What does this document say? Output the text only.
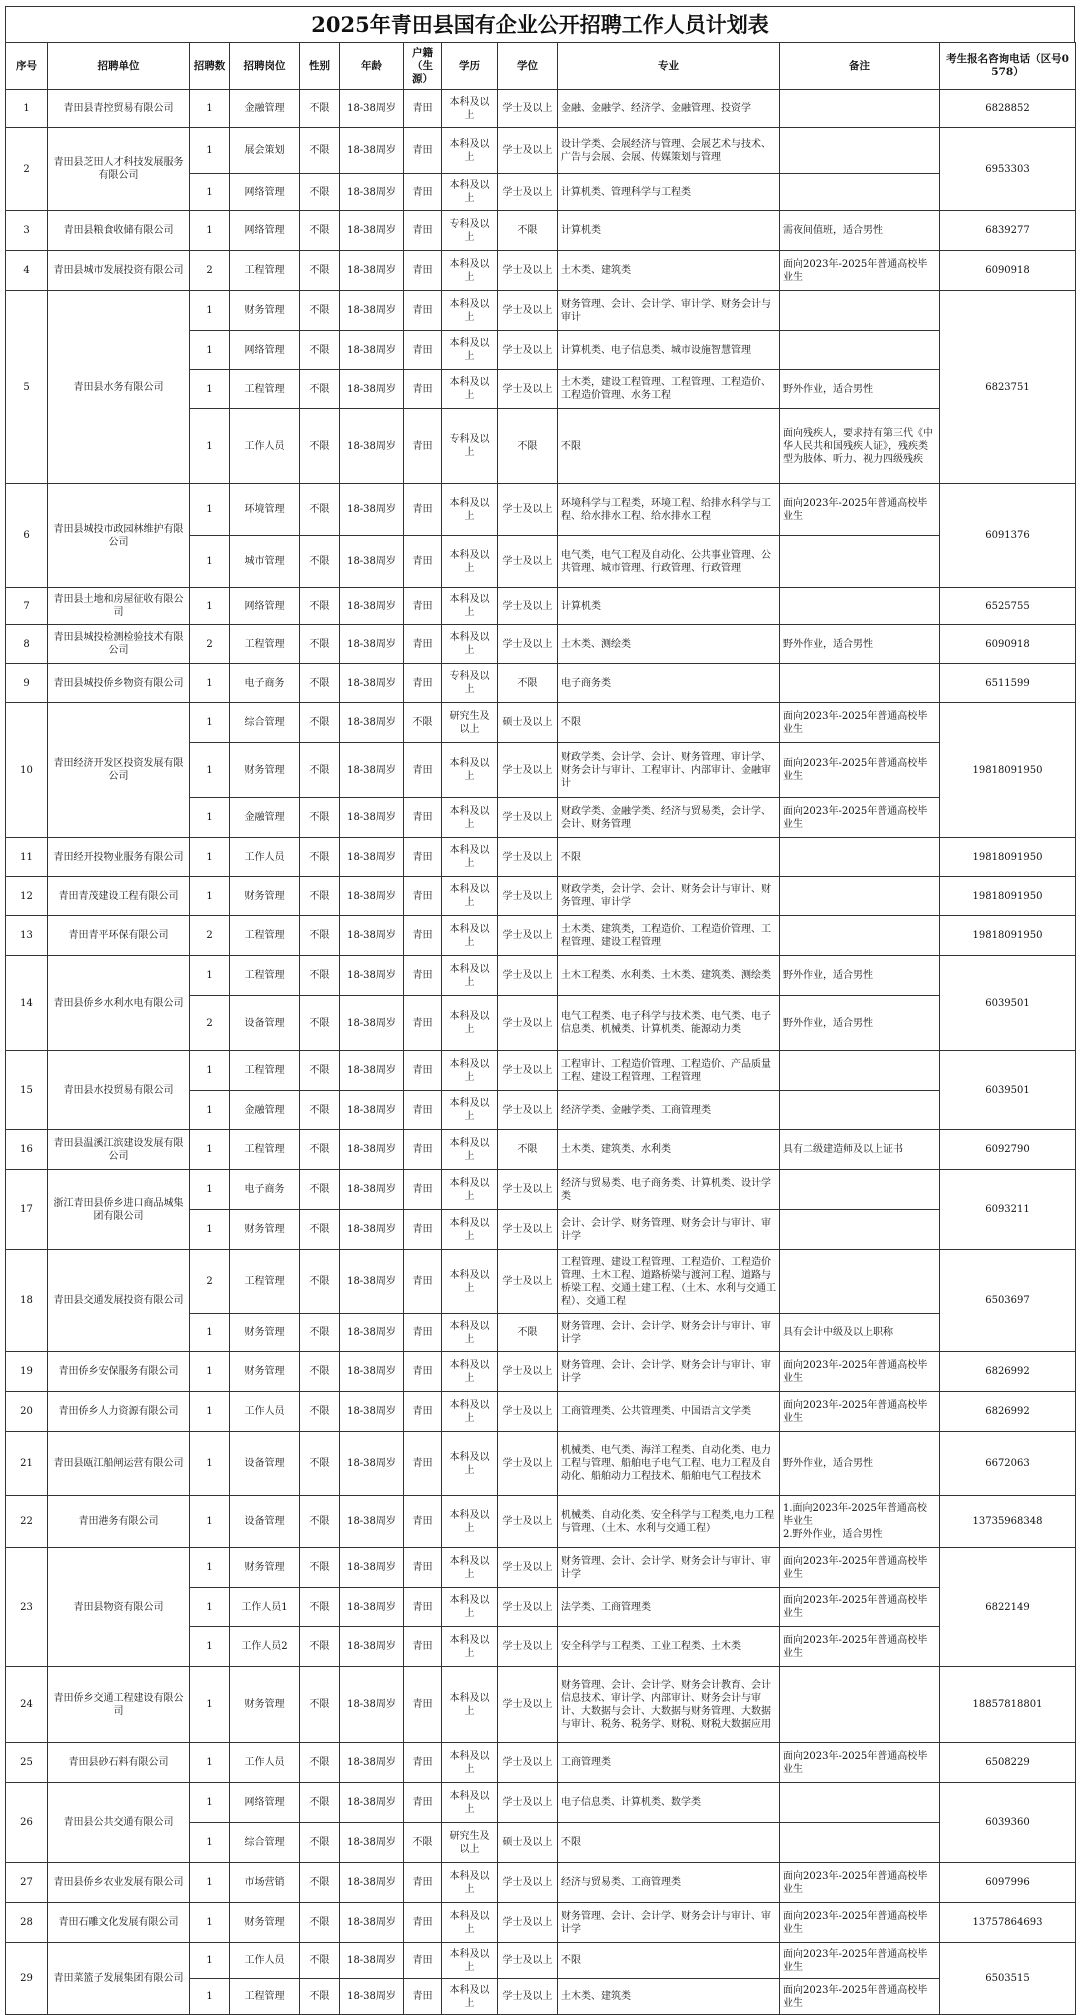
2025年青田县国有企业公开招聘工作人员计划表
序号	招聘单位	招聘数	招聘岗位	性别	年龄	户籍（生源）	学历	学位	专业	备注	考生报名咨询电话（区号0578）
1	青田县青控贸易有限公司	1	金融管理	不限	18-38周岁	青田	本科及以上	学士及以上	金融、金融学、经济学、金融管理、投资学		6828852
2	青田县芝田人才科技发展服务有限公司	1	展会策划	不限	18-38周岁	青田	本科及以上	学士及以上	设计学类、会展经济与管理、会展艺术与技术、广告与会展、会展、传媒策划与管理		6953303
		1	网络管理	不限	18-38周岁	青田	本科及以上	学士及以上	计算机类、管理科学与工程类		
3	青田县粮食收储有限公司	1	网络管理	不限	18-38周岁	青田	专科及以上	不限	计算机类	需夜间值班，适合男性	6839277
4	青田县城市发展投资有限公司	2	工程管理	不限	18-38周岁	青田	本科及以上	学士及以上	土木类、建筑类	面向2023年-2025年普通高校毕业生	6090918
5	青田县水务有限公司	1	财务管理	不限	18-38周岁	青田	本科及以上	学士及以上	财务管理、会计、会计学、审计学、财务会计与审计		6823751
		1	网络管理	不限	18-38周岁	青田	本科及以上	学士及以上	计算机类、电子信息类、城市设施智慧管理		
		1	工程管理	不限	18-38周岁	青田	本科及以上	学士及以上	土木类，建设工程管理、工程管理、工程造价、工程造价管理、水务工程	野外作业，适合男性	
		1	工作人员	不限	18-38周岁	青田	专科及以上	不限	不限	面向残疾人，要求持有第三代《中华人民共和国残疾人证》，残疾类型为肢体、听力、视力四级残疾	
6	青田县城投市政园林维护有限公司	1	环境管理	不限	18-38周岁	青田	本科及以上	学士及以上	环境科学与工程类，环境工程、给排水科学与工程、给水排水工程、给水排水工程	面向2023年-2025年普通高校毕业生	6091376
		1	城市管理	不限	18-38周岁	青田	本科及以上	学士及以上	电气类，电气工程及自动化、公共事业管理、公共管理、城市管理、行政管理、行政管理		
7	青田县土地和房屋征收有限公司	1	网络管理	不限	18-38周岁	青田	本科及以上	学士及以上	计算机类		6525755
8	青田县城投检测检验技术有限公司	2	工程管理	不限	18-38周岁	青田	本科及以上	学士及以上	土木类、测绘类	野外作业，适合男性	6090918
9	青田县城投侨乡物资有限公司	1	电子商务	不限	18-38周岁	青田	专科及以上	不限	电子商务类		6511599
10	青田经济开发区投资发展有限公司	1	综合管理	不限	18-38周岁	不限	研究生及以上	硕士及以上	不限	面向2023年-2025年普通高校毕业生	19818091950
		1	财务管理	不限	18-38周岁	青田	本科及以上	学士及以上	财政学类、会计学、会计、财务管理、审计学、财务会计与审计、工程审计、内部审计、金融审计	面向2023年-2025年普通高校毕业生	
		1	金融管理	不限	18-38周岁	青田	本科及以上	学士及以上	财政学类、金融学类、经济与贸易类，会计学、会计、财务管理	面向2023年-2025年普通高校毕业生	
11	青田经开投物业服务有限公司	1	工作人员	不限	18-38周岁	青田	本科及以上	学士及以上	不限		19818091950
12	青田青茂建设工程有限公司	1	财务管理	不限	18-38周岁	青田	本科及以上	学士及以上	财政学类，会计学、会计、财务会计与审计、财务管理、审计学		19818091950
13	青田青平环保有限公司	2	工程管理	不限	18-38周岁	青田	本科及以上	学士及以上	土木类、建筑类，工程造价、工程造价管理、工程管理、建设工程管理		19818091950
14	青田县侨乡水利水电有限公司	1	工程管理	不限	18-38周岁	青田	本科及以上	学士及以上	土木工程类、水利类、土木类、建筑类、测绘类	野外作业，适合男性	6039501
		2	设备管理	不限	18-38周岁	青田	本科及以上	学士及以上	电气工程类、电子科学与技术类、电气类、电子信息类、机械类、计算机类、能源动力类	野外作业，适合男性	
15	青田县水投贸易有限公司	1	工程管理	不限	18-38周岁	青田	本科及以上	学士及以上	工程审计、工程造价管理、工程造价、产品质量工程、建设工程管理、工程管理		6039501
		1	金融管理	不限	18-38周岁	青田	本科及以上	学士及以上	经济学类、金融学类、工商管理类		
16	青田县温溪江滨建设发展有限公司	1	工程管理	不限	18-38周岁	青田	本科及以上	不限	土木类、建筑类、水利类	具有二级建造师及以上证书	6092790
17	浙江青田县侨乡进口商品城集团有限公司	1	电子商务	不限	18-38周岁	青田	本科及以上	学士及以上	经济与贸易类、电子商务类、计算机类、设计学类		6093211
		1	财务管理	不限	18-38周岁	青田	本科及以上	学士及以上	会计、会计学、财务管理、财务会计与审计、审计学		
18	青田县交通发展投资有限公司	2	工程管理	不限	18-38周岁	青田	本科及以上	学士及以上	工程管理、建设工程管理、工程造价、工程造价管理、土木工程、道路桥梁与渡河工程、道路与桥梁工程、交通土建工程、（土木、水利与交通工程）、交通工程		6503697
		1	财务管理	不限	18-38周岁	青田	本科及以上	不限	财务管理、会计、会计学、财务会计与审计、审计学	具有会计中级及以上职称	
19	青田侨乡安保服务有限公司	1	财务管理	不限	18-38周岁	青田	本科及以上	学士及以上	财务管理、会计、会计学、财务会计与审计、审计学	面向2023年-2025年普通高校毕业生	6826992
20	青田侨乡人力资源有限公司	1	工作人员	不限	18-38周岁	青田	本科及以上	学士及以上	工商管理类、公共管理类、中国语言文学类	面向2023年-2025年普通高校毕业生	6826992
21	青田县瓯江船闸运营有限公司	1	设备管理	不限	18-38周岁	青田	本科及以上	学士及以上	机械类、电气类、海洋工程类、自动化类、电力工程与管理、船舶电子电气工程、电力工程及自动化、船舶动力工程技术、船舶电气工程技术	野外作业，适合男性	6672063
22	青田港务有限公司	1	设备管理	不限	18-38周岁	青田	本科及以上	学士及以上	机械类、自动化类、安全科学与工程类,电力工程与管理、（土木、水利与交通工程）	1.面向2023年-2025年普通高校毕业生
2.野外作业，适合男性	13735968348
23	青田县物资有限公司	1	财务管理	不限	18-38周岁	青田	本科及以上	学士及以上	财务管理、会计、会计学、财务会计与审计、审计学	面向2023年-2025年普通高校毕业生	6822149
		1	工作人员1	不限	18-38周岁	青田	本科及以上	学士及以上	法学类、工商管理类	面向2023年-2025年普通高校毕业生	
		1	工作人员2	不限	18-38周岁	青田	本科及以上	学士及以上	安全科学与工程类、工业工程类、土木类	面向2023年-2025年普通高校毕业生	
24	青田侨乡交通工程建设有限公司	1	财务管理	不限	18-38周岁	青田	本科及以上	学士及以上	财务管理、会计、会计学、财务会计教育、会计信息技术、审计学、内部审计、财务会计与审计、大数据与会计、大数据与财务管理、大数据与审计、税务、税务学、财税、财税大数据应用		18857818801
25	青田县砂石料有限公司	1	工作人员	不限	18-38周岁	青田	本科及以上	学士及以上	工商管理类	面向2023年-2025年普通高校毕业生	6508229
26	青田县公共交通有限公司	1	网络管理	不限	18-38周岁	青田	本科及以上	学士及以上	电子信息类、计算机类、数学类		6039360
		1	综合管理	不限	18-38周岁	不限	研究生及以上	硕士及以上	不限		
27	青田县侨乡农业发展有限公司	1	市场营销	不限	18-38周岁	青田	本科及以上	学士及以上	经济与贸易类、工商管理类	面向2023年-2025年普通高校毕业生	6097996
28	青田石雕文化发展有限公司	1	财务管理	不限	18-38周岁	青田	本科及以上	学士及以上	财务管理、会计、会计学、财务会计与审计、审计学	面向2023年-2025年普通高校毕业生	13757864693
29	青田菜篮子发展集团有限公司	1	工作人员	不限	18-38周岁	青田	本科及以上	学士及以上	不限	面向2023年-2025年普通高校毕业生	6503515
		1	工程管理	不限	18-38周岁	青田	本科及以上	学士及以上	土木类、建筑类	面向2023年-2025年普通高校毕业生	
